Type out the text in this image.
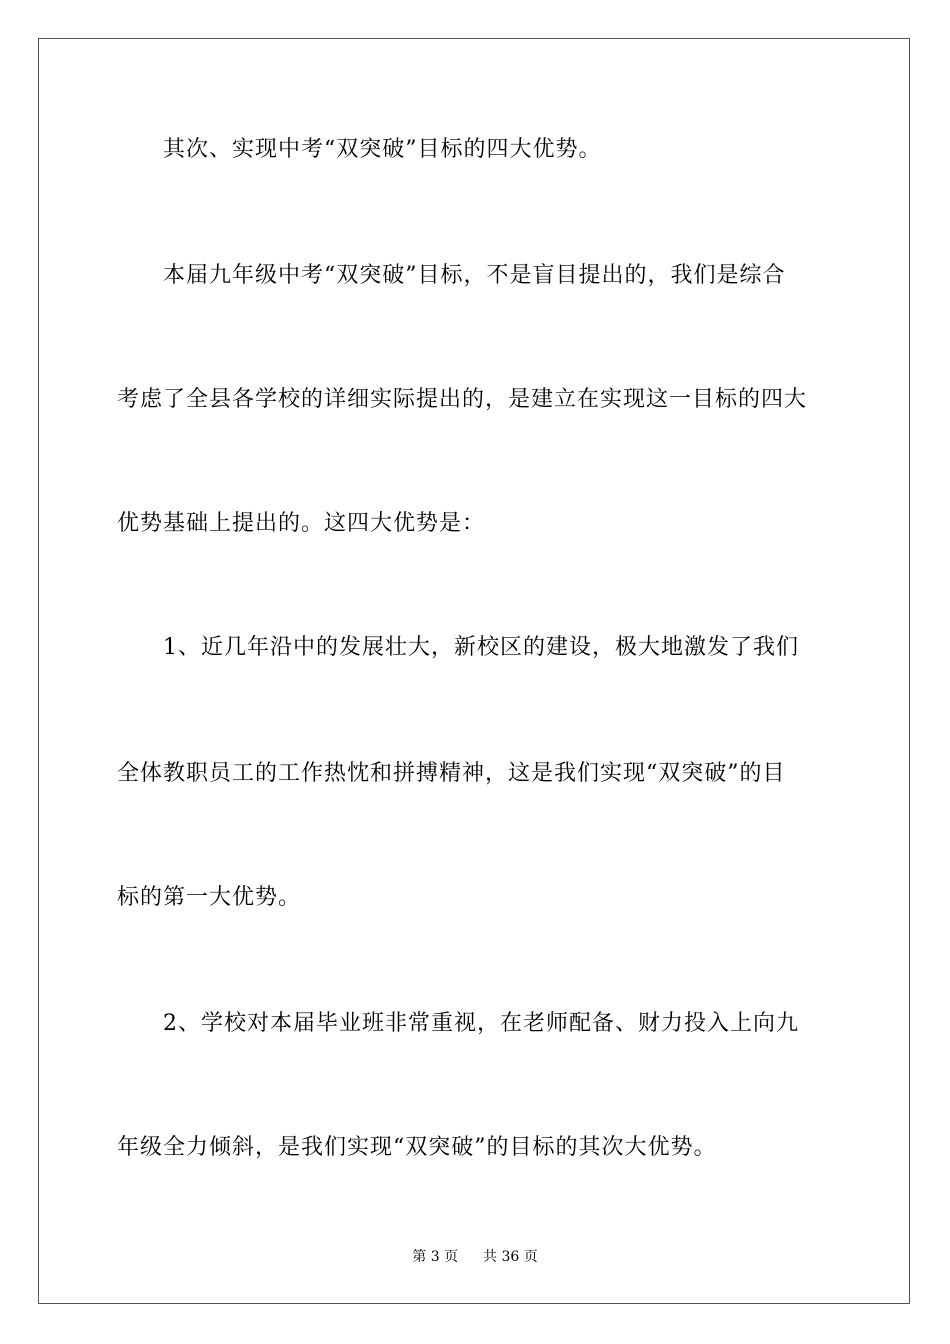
其次、实现中考“双突破”目标的四大优势。
本届九年级中考“双突破”目标，不是盲目提出的，我们是综合
考虑了全县各学校的详细实际提出的，是建立在实现这一目标的四大
优势基础上提出的。这四大优势是：
1、近几年沿中的发展壮大，新校区的建设，极大地激发了我们
全体教职员工的工作热忱和拼搏精神，这是我们实现“双突破”的目
标的第一大优势。
2、学校对本届毕业班非常重视，在老师配备、财力投入上向九
年级全力倾斜，是我们实现“双突破”的目标的其次大优势。
第 3 页 共 36 页
